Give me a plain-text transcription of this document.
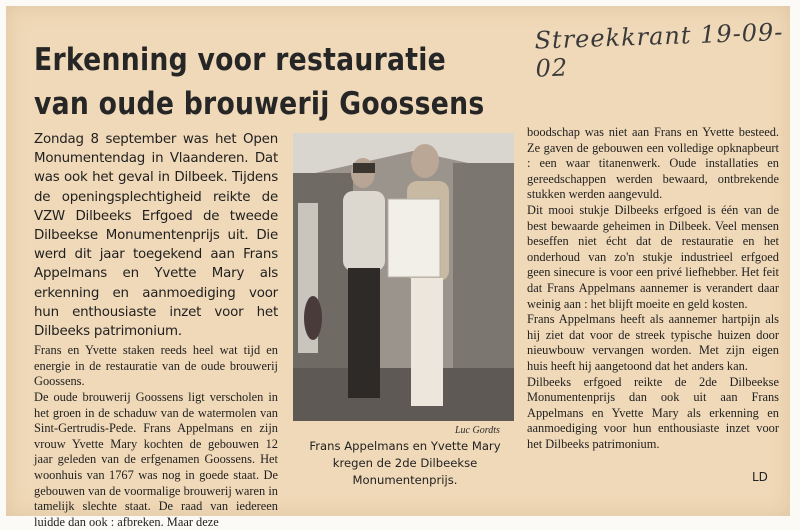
Streekkrant 19-09-02
Erkenning voor restauratie
van oude brouwerij Goossens

Zondag 8 september was het Open Monumentendag in Vlaanderen. Dat was ook het geval in Dilbeek. Tijdens de openingsplechtigheid reikte de VZW Dilbeeks Erfgoed de tweede Dilbeekse Monumentenprijs uit. Die werd dit jaar toegekend aan Frans Appelmans en Yvette Mary als erkenning en aanmoediging voor hun enthousiaste inzet voor het Dilbeeks patrimonium.

Frans en Yvette staken reeds heel wat tijd en energie in de restauratie van de oude brouwerij Goossens.

De oude brouwerij Goossens ligt verscholen in het groen in de schaduw van de watermolen van Sint-Gertrudis-Pede. Frans Appelmans en zijn vrouw Yvette Mary kochten de gebouwen 12 jaar geleden van de erfgenamen Goossens. Het woonhuis van 1767 was nog in goede staat. De gebouwen van de voormalige brouwerij waren in tamelijk slechte staat. De raad van iedereen luidde dan ook : afbreken. Maar deze

Luc Gordts
Frans Appelmans en Yvette Mary kregen de 2de Dilbeekse Monumentenprijs.

boodschap was niet aan Frans en Yvette besteed. Ze gaven de gebouwen een volledige opknapbeurt : een waar titanenwerk. Oude installaties en gereedschappen werden bewaard, ontbrekende stukken werden aangevuld.

Dit mooi stukje Dilbeeks erfgoed is één van de best bewaarde geheimen in Dilbeek. Veel mensen beseffen niet écht dat de restauratie en het onderhoud van zo'n stukje industrieel erfgoed geen sinecure is voor een privé liefhebber. Het feit dat Frans Appelmans aannemer is verandert daar weinig aan : het blijft moeite en geld kosten.

Frans Appelmans heeft als aannemer hartpijn als hij ziet dat voor de streek typische huizen door nieuwbouw vervangen worden. Met zijn eigen huis heeft hij aangetoond dat het anders kan.

Dilbeeks erfgoed reikte de 2de Dilbeekse Monumentenprijs dan ook uit aan Frans Appelmans en Yvette Mary als erkenning en aanmoediging voor hun enthousiaste inzet voor het Dilbeeks patrimonium.

LD
